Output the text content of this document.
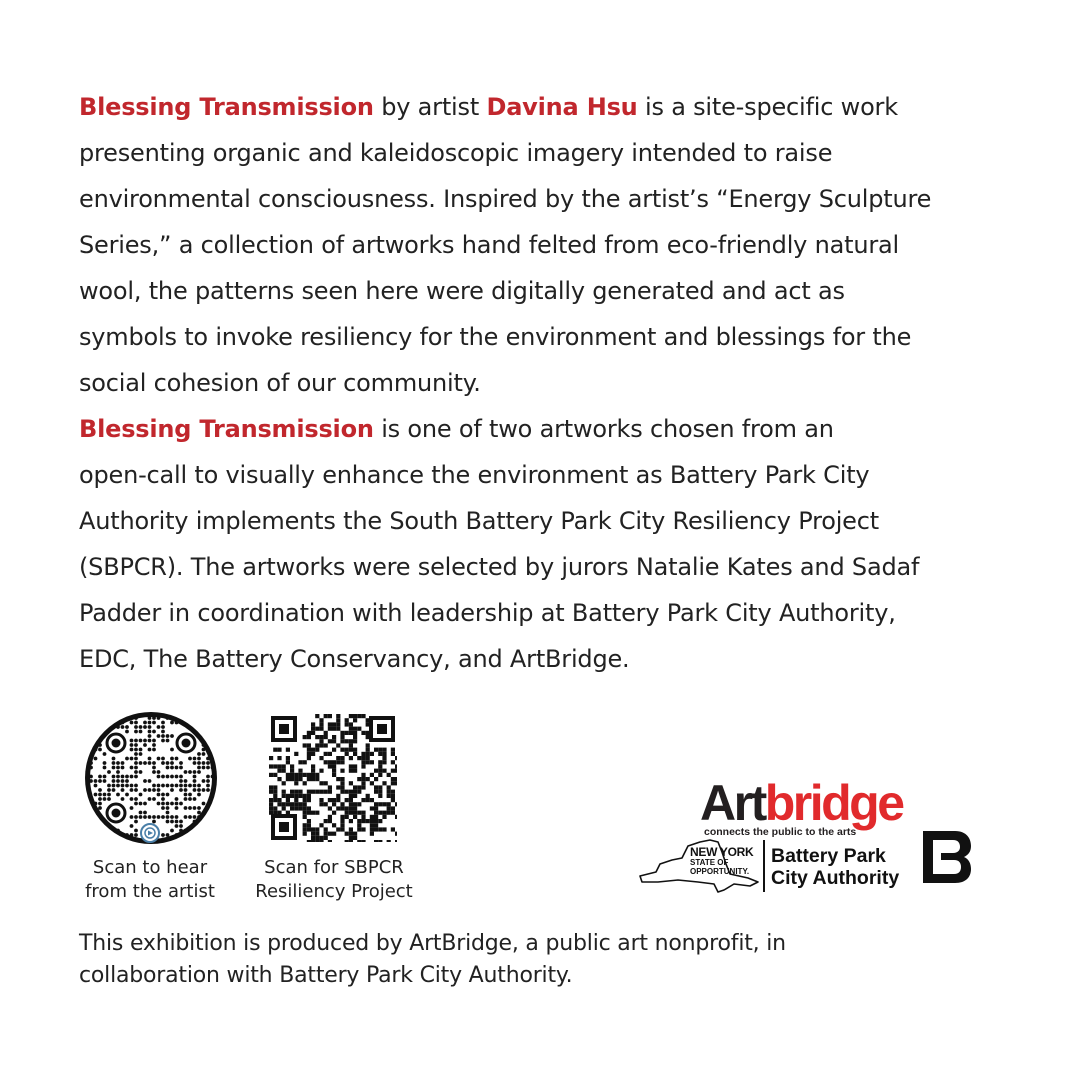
Blessing Transmission by artist Davina Hsu is a site-specific work
presenting organic and kaleidoscopic imagery intended to raise
environmental consciousness. Inspired by the artist’s “Energy Sculpture
Series,” a collection of artworks hand felted from eco-friendly natural
wool, the patterns seen here were digitally generated and act as
symbols to invoke resiliency for the environment and blessings for the
social cohesion of our community.

Blessing Transmission is one of two artworks chosen from an
open-call to visually enhance the environment as Battery Park City
Authority implements the South Battery Park City Resiliency Project
(SBPCR). The artworks were selected by jurors Natalie Kates and Sadaf
Padder in coordination with leadership at Battery Park City Authority,
EDC, The Battery Conservancy, and ArtBridge.

Scan to hear
from the artist
Scan for SBPCR
Resiliency Project
Artbridge
connects the public to the arts
NEW YORK
STATE OF
OPPORTUNITY.
Battery Park
City Authority

This exhibition is produced by ArtBridge, a public art nonprofit, in
collaboration with Battery Park City Authority.
